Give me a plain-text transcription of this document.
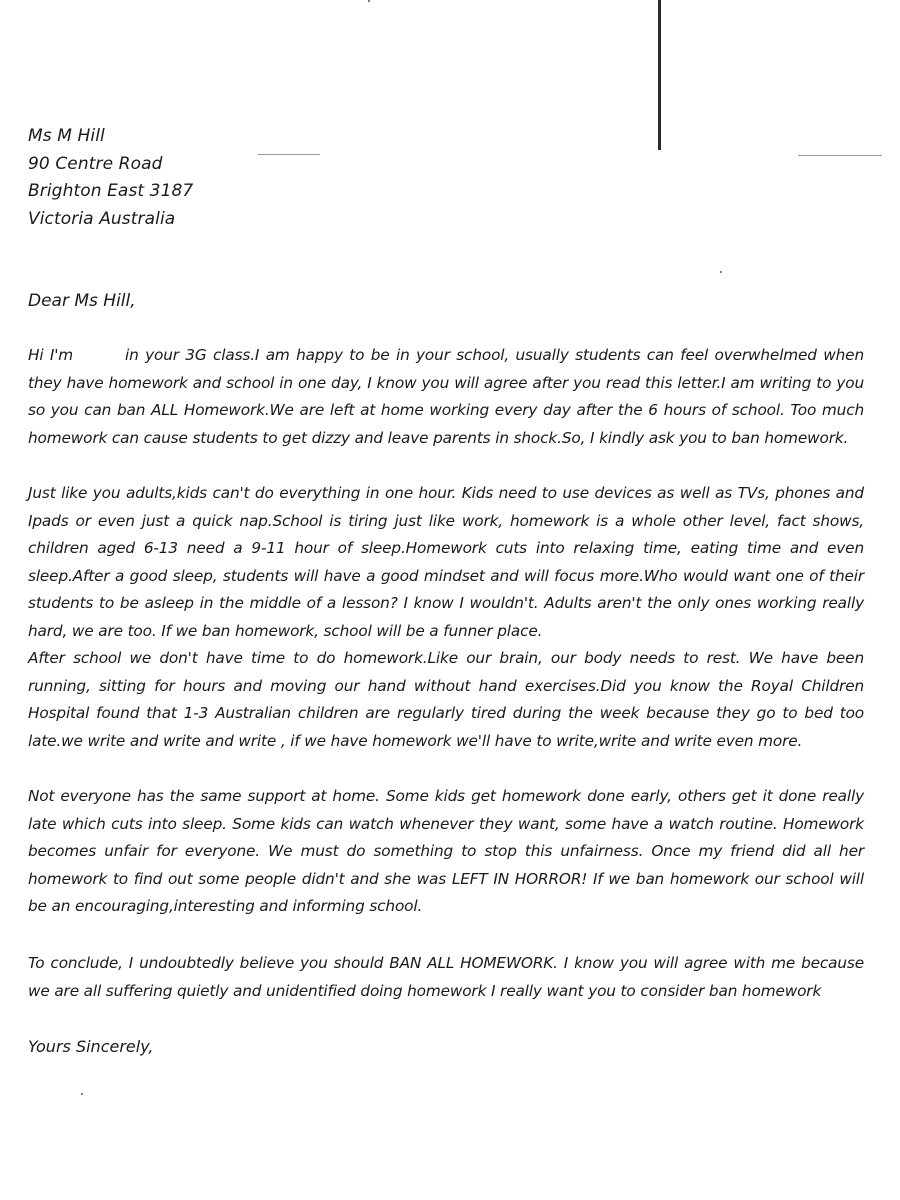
Ms M Hill
90 Centre Road
Brighton East 3187
Victoria Australia
Dear Ms Hill,

Hi I'm	in your 3G class.I am happy to be in your school, usually students can feel overwhelmed when they have homework and school in one day, I know you will agree after you read this letter.I am writing to you so you can ban ALL Homework.We are left at home working every day after the 6 hours of school. Too much homework can cause students to get dizzy and leave parents in shock.So, I kindly ask you to ban homework.

Just like you adults,kids can't do everything in one hour. Kids need to use devices as well as TVs, phones and Ipads or even just a quick nap.School is tiring just like work, homework is a whole other level, fact shows, children aged 6-13 need a 9-11 hour of sleep.Homework cuts into relaxing time, eating time and even sleep.After a good sleep, students will have a good mindset and will focus more.Who would want one of their students to be asleep in the middle of a lesson? I know I wouldn't. Adults aren't the only ones working really hard, we are too. If we ban homework, school will be a funner place.

After school we don't have time to do homework.Like our brain, our body needs to rest. We have been running, sitting for hours and moving our hand without hand exercises.Did you know the Royal Children Hospital found that 1-3 Australian children are regularly tired during the week because they go to bed too late.we write and write and write , if we have homework we'll have to write,write and write even more.

Not everyone has the same support at home. Some kids get homework done early, others get it done really late which cuts into sleep. Some kids can watch whenever they want, some have a watch routine. Homework becomes unfair for everyone. We must do something to stop this unfairness. Once my friend did all her homework to find out some people didn't and she was LEFT IN HORROR! If we ban homework our school will be an encouraging,interesting and informing school.

To conclude, I undoubtedly believe you should BAN ALL HOMEWORK. I know you will agree with me because we are all suffering quietly and unidentified doing homework I really want you to consider ban homework

Yours Sincerely,
